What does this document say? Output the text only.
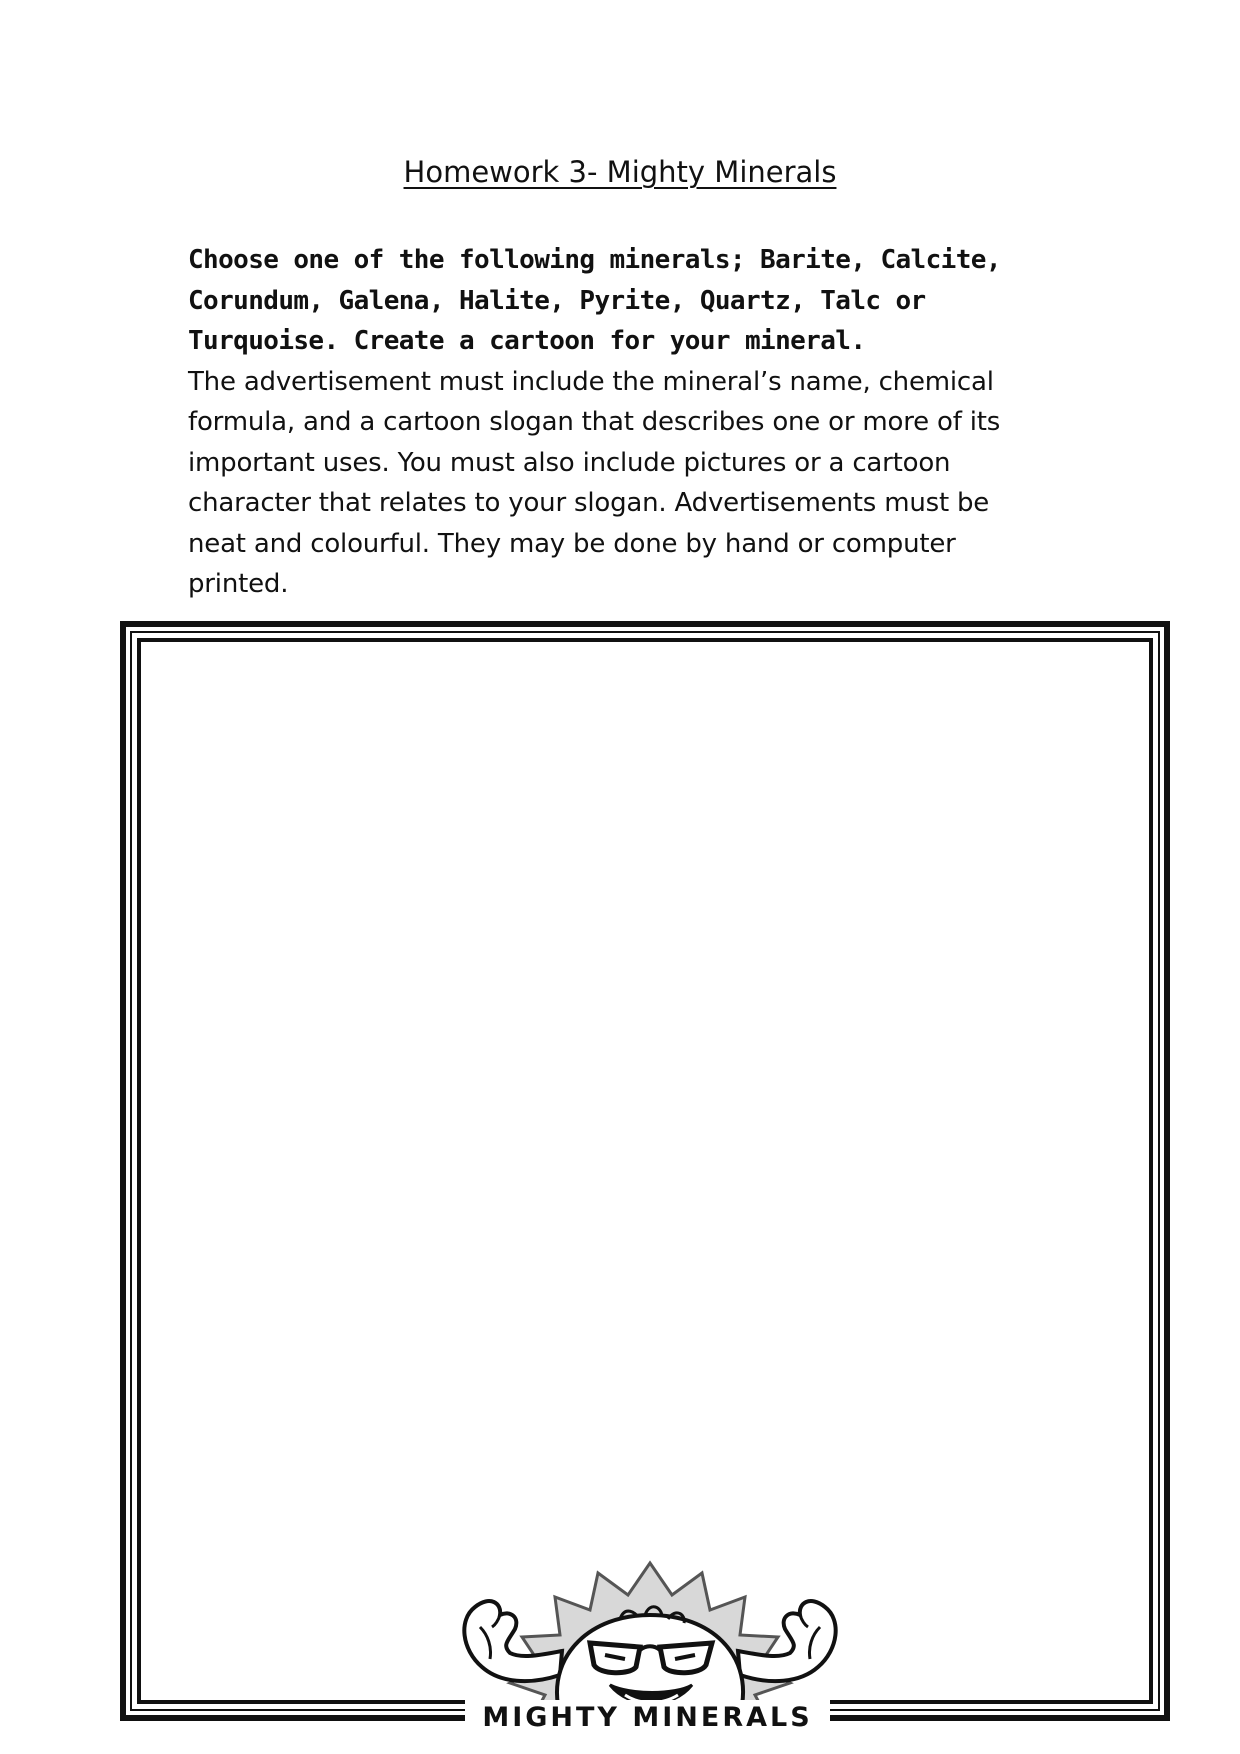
Homework 3- Mighty Minerals
Choose one of the following minerals; Barite, Calcite,
Corundum, Galena, Halite, Pyrite, Quartz, Talc or
Turquoise. Create a cartoon for your mineral.
The advertisement must include the mineral’s name, chemical
formula, and a cartoon slogan that describes one or more of its
important uses. You must also include pictures or a cartoon
character that relates to your slogan. Advertisements must be
neat and colourful. They may be done by hand or computer
printed.
MIGHTY MINERALS
